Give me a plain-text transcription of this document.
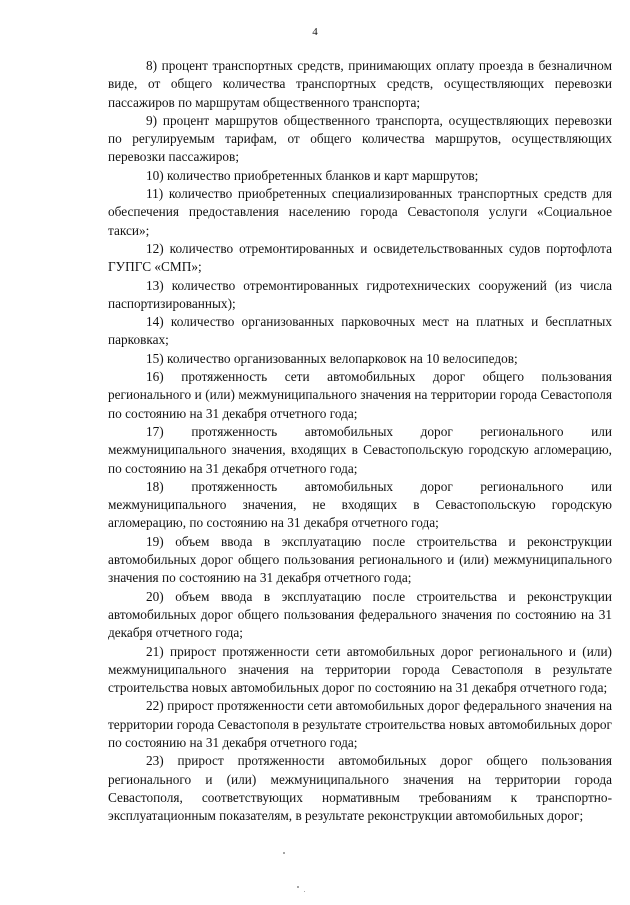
4

8) процент транспортных средств, принимающих оплату проезда в безналичном виде, от общего количества транспортных средств, осуществляющих перевозки пассажиров по маршрутам общественного транспорта;

9) процент маршрутов общественного транспорта, осуществляющих перевозки по регулируемым тарифам, от общего количества маршрутов, осуществляющих перевозки пассажиров;

10) количество приобретенных бланков и карт маршрутов;

11) количество приобретенных специализированных транспортных средств для обеспечения предоставления населению города Севастополя услуги «Социальное такси»;

12) количество отремонтированных и освидетельствованных судов портофлота ГУПГС «СМП»;

13) количество отремонтированных гидротехнических сооружений (из числа паспортизированных);

14) количество организованных парковочных мест на платных и бесплатных парковках;

15) количество организованных велопарковок на 10 велосипедов;

16) протяженность сети автомобильных дорог общего пользования регионального и (или) межмуниципального значения на территории города Севастополя по состоянию на 31 декабря отчетного года;

17) протяженность автомобильных дорог регионального или межмуниципального значения, входящих в Севастопольскую городскую агломерацию, по состоянию на 31 декабря отчетного года;

18) протяженность автомобильных дорог регионального или межмуниципального значения, не входящих в Севастопольскую городскую агломерацию, по состоянию на 31 декабря отчетного года;

19) объем ввода в эксплуатацию после строительства и реконструкции автомобильных дорог общего пользования регионального и (или) межмуниципального значения по состоянию на 31 декабря отчетного года;

20) объем ввода в эксплуатацию после строительства и реконструкции автомобильных дорог общего пользования федерального значения по состоянию на 31 декабря отчетного года;

21) прирост протяженности сети автомобильных дорог регионального и (или) межмуниципального значения на территории города Севастополя в результате строительства новых автомобильных дорог по состоянию на 31 декабря отчетного года;

22) прирост протяженности сети автомобильных дорог федерального значения на территории города Севастополя в результате строительства новых автомобильных дорог по состоянию на 31 декабря отчетного года;

23) прирост протяженности автомобильных дорог общего пользования регионального и (или) межмуниципального значения на территории города Севастополя, соответствующих нормативным требованиям к транспортно-эксплуатационным показателям, в результате реконструкции автомобильных дорог;
